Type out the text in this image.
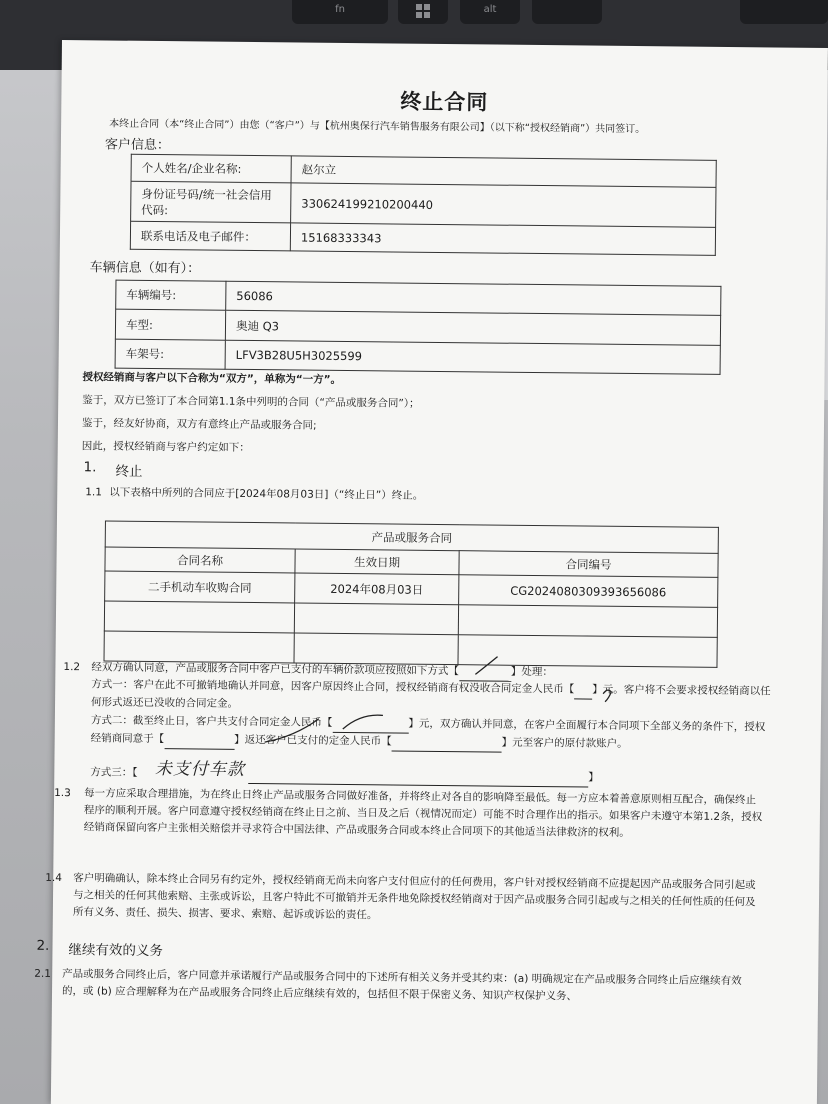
fn	alt
终止合同
本终止合同（本“终止合同”）由您（“客户”）与【杭州奥保行汽车销售服务有限公司】（以下称“授权经销商”）共同签订。
客户信息：
个人姓名/企业名称:	赵尔立
身份证号码/统一社会信用代码:	330624199210200440
联系电话及电子邮件：	15168333343
车辆信息（如有）：
车辆编号:	56086
车型:	奥迪 Q3
车架号:	LFV3B28U5H3025599
授权经销商与客户以下合称为“双方”，单称为“一方”。
鉴于，双方已签订了本合同第1.1条中列明的合同（“产品或服务合同”）；
鉴于，经友好协商，双方有意终止产品或服务合同;
因此，授权经销商与客户约定如下：
1. 终止
1.1 以下表格中所列的合同应于[2024年08月03日]（“终止日”）终止。
产品或服务合同		
合同名称	生效日期	合同编号
二手机动车收购合同	2024年08月03日	CG2024080309393656086

1.2 经双方确认同意，产品或服务合同中客户已支付的车辆价款项应按照如下方式【	】处理：
方式一：客户在此不可撤销地确认并同意，因客户原因终止合同，授权经销商有权没收合同定金人民币【 】元。客户将不会要求授权经销商以任何形式返还已没收的合同定金。
方式二：截至终止日，客户共支付合同定金人民币【	】元，双方确认并同意，在客户全面履行本合同项下全部义务的条件下，授权经销商同意于【	】返还客户已支付的定金人民币【	】元至客户的原付款账户。
方式三：【 未支付车款	】
1.3 每一方应采取合理措施，为在终止日终止产品或服务合同做好准备，并将终止对各自的影响降至最低。每一方应本着善意原则相互配合，确保终止程序的顺利开展。客户同意遵守授权经销商在终止日之前、当日及之后（视情况而定）可能不时合理作出的指示。如果客户未遵守本第1.2条，授权经销商保留向客户主张相关赔偿并寻求符合中国法律、产品或服务合同或本终止合同项下的其他适当法律救济的权利。
1.4 客户明确确认，除本终止合同另有约定外，授权经销商无尚未向客户支付但应付的任何费用，客户针对授权经销商不应提起因产品或服务合同引起或与之相关的任何其他索赔、主张或诉讼，且客户特此不可撤销并无条件地免除授权经销商对于因产品或服务合同引起或与之相关的任何性质的任何及所有义务、责任、损失、损害、要求、索赔、起诉或诉讼的责任。
2. 继续有效的义务
2.1 产品或服务合同终止后，客户同意并承诺履行产品或服务合同中的下述所有相关义务并受其约束：(a) 明确规定在产品或服务合同终止后应继续有效的，或 (b) 应合理解释为在产品或服务合同终止后应继续有效的，包括但不限于保密义务、知识产权保护义务、
